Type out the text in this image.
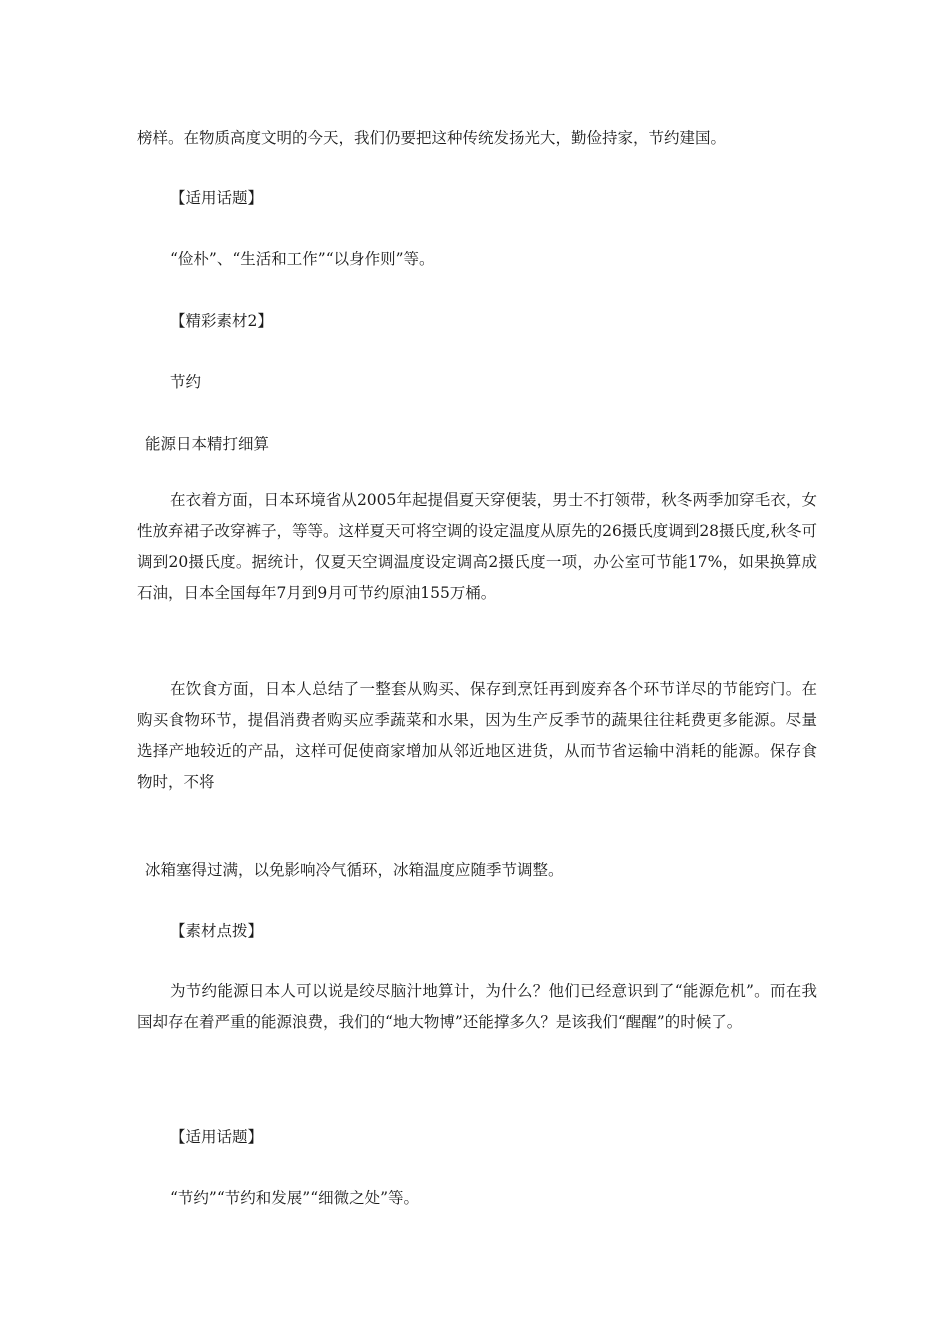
榜样。在物质高度文明的今天，我们仍要把这种传统发扬光大，勤俭持家，节约建国。
【适用话题】
“俭朴”、“生活和工作”“以身作则”等。
【精彩素材2】
节约
能源日本精打细算
在衣着方面，日本环境省从2005年起提倡夏天穿便装，男士不打领带，秋冬两季加穿毛衣，女性放弃裙子改穿裤子，等等。这样夏天可将空调的设定温度从原先的26摄氏度调到28摄氏度,秋冬可调到20摄氏度。据统计，仅夏天空调温度设定调高2摄氏度一项，办公室可节能17%，如果换算成石油，日本全国每年7月到9月可节约原油155万桶。
在饮食方面，日本人总结了一整套从购买、保存到烹饪再到废弃各个环节详尽的节能窍门。在购买食物环节，提倡消费者购买应季蔬菜和水果，因为生产反季节的蔬果往往耗费更多能源。尽量选择产地较近的产品，这样可促使商家增加从邻近地区进货，从而节省运输中消耗的能源。保存食物时，不将
冰箱塞得过满，以免影响冷气循环，冰箱温度应随季节调整。
【素材点拨】
为节约能源日本人可以说是绞尽脑汁地算计，为什么？他们已经意识到了“能源危机”。而在我国却存在着严重的能源浪费，我们的“地大物博”还能撑多久？是该我们“醒醒”的时候了。
【适用话题】
“节约”“节约和发展”“细微之处”等。
